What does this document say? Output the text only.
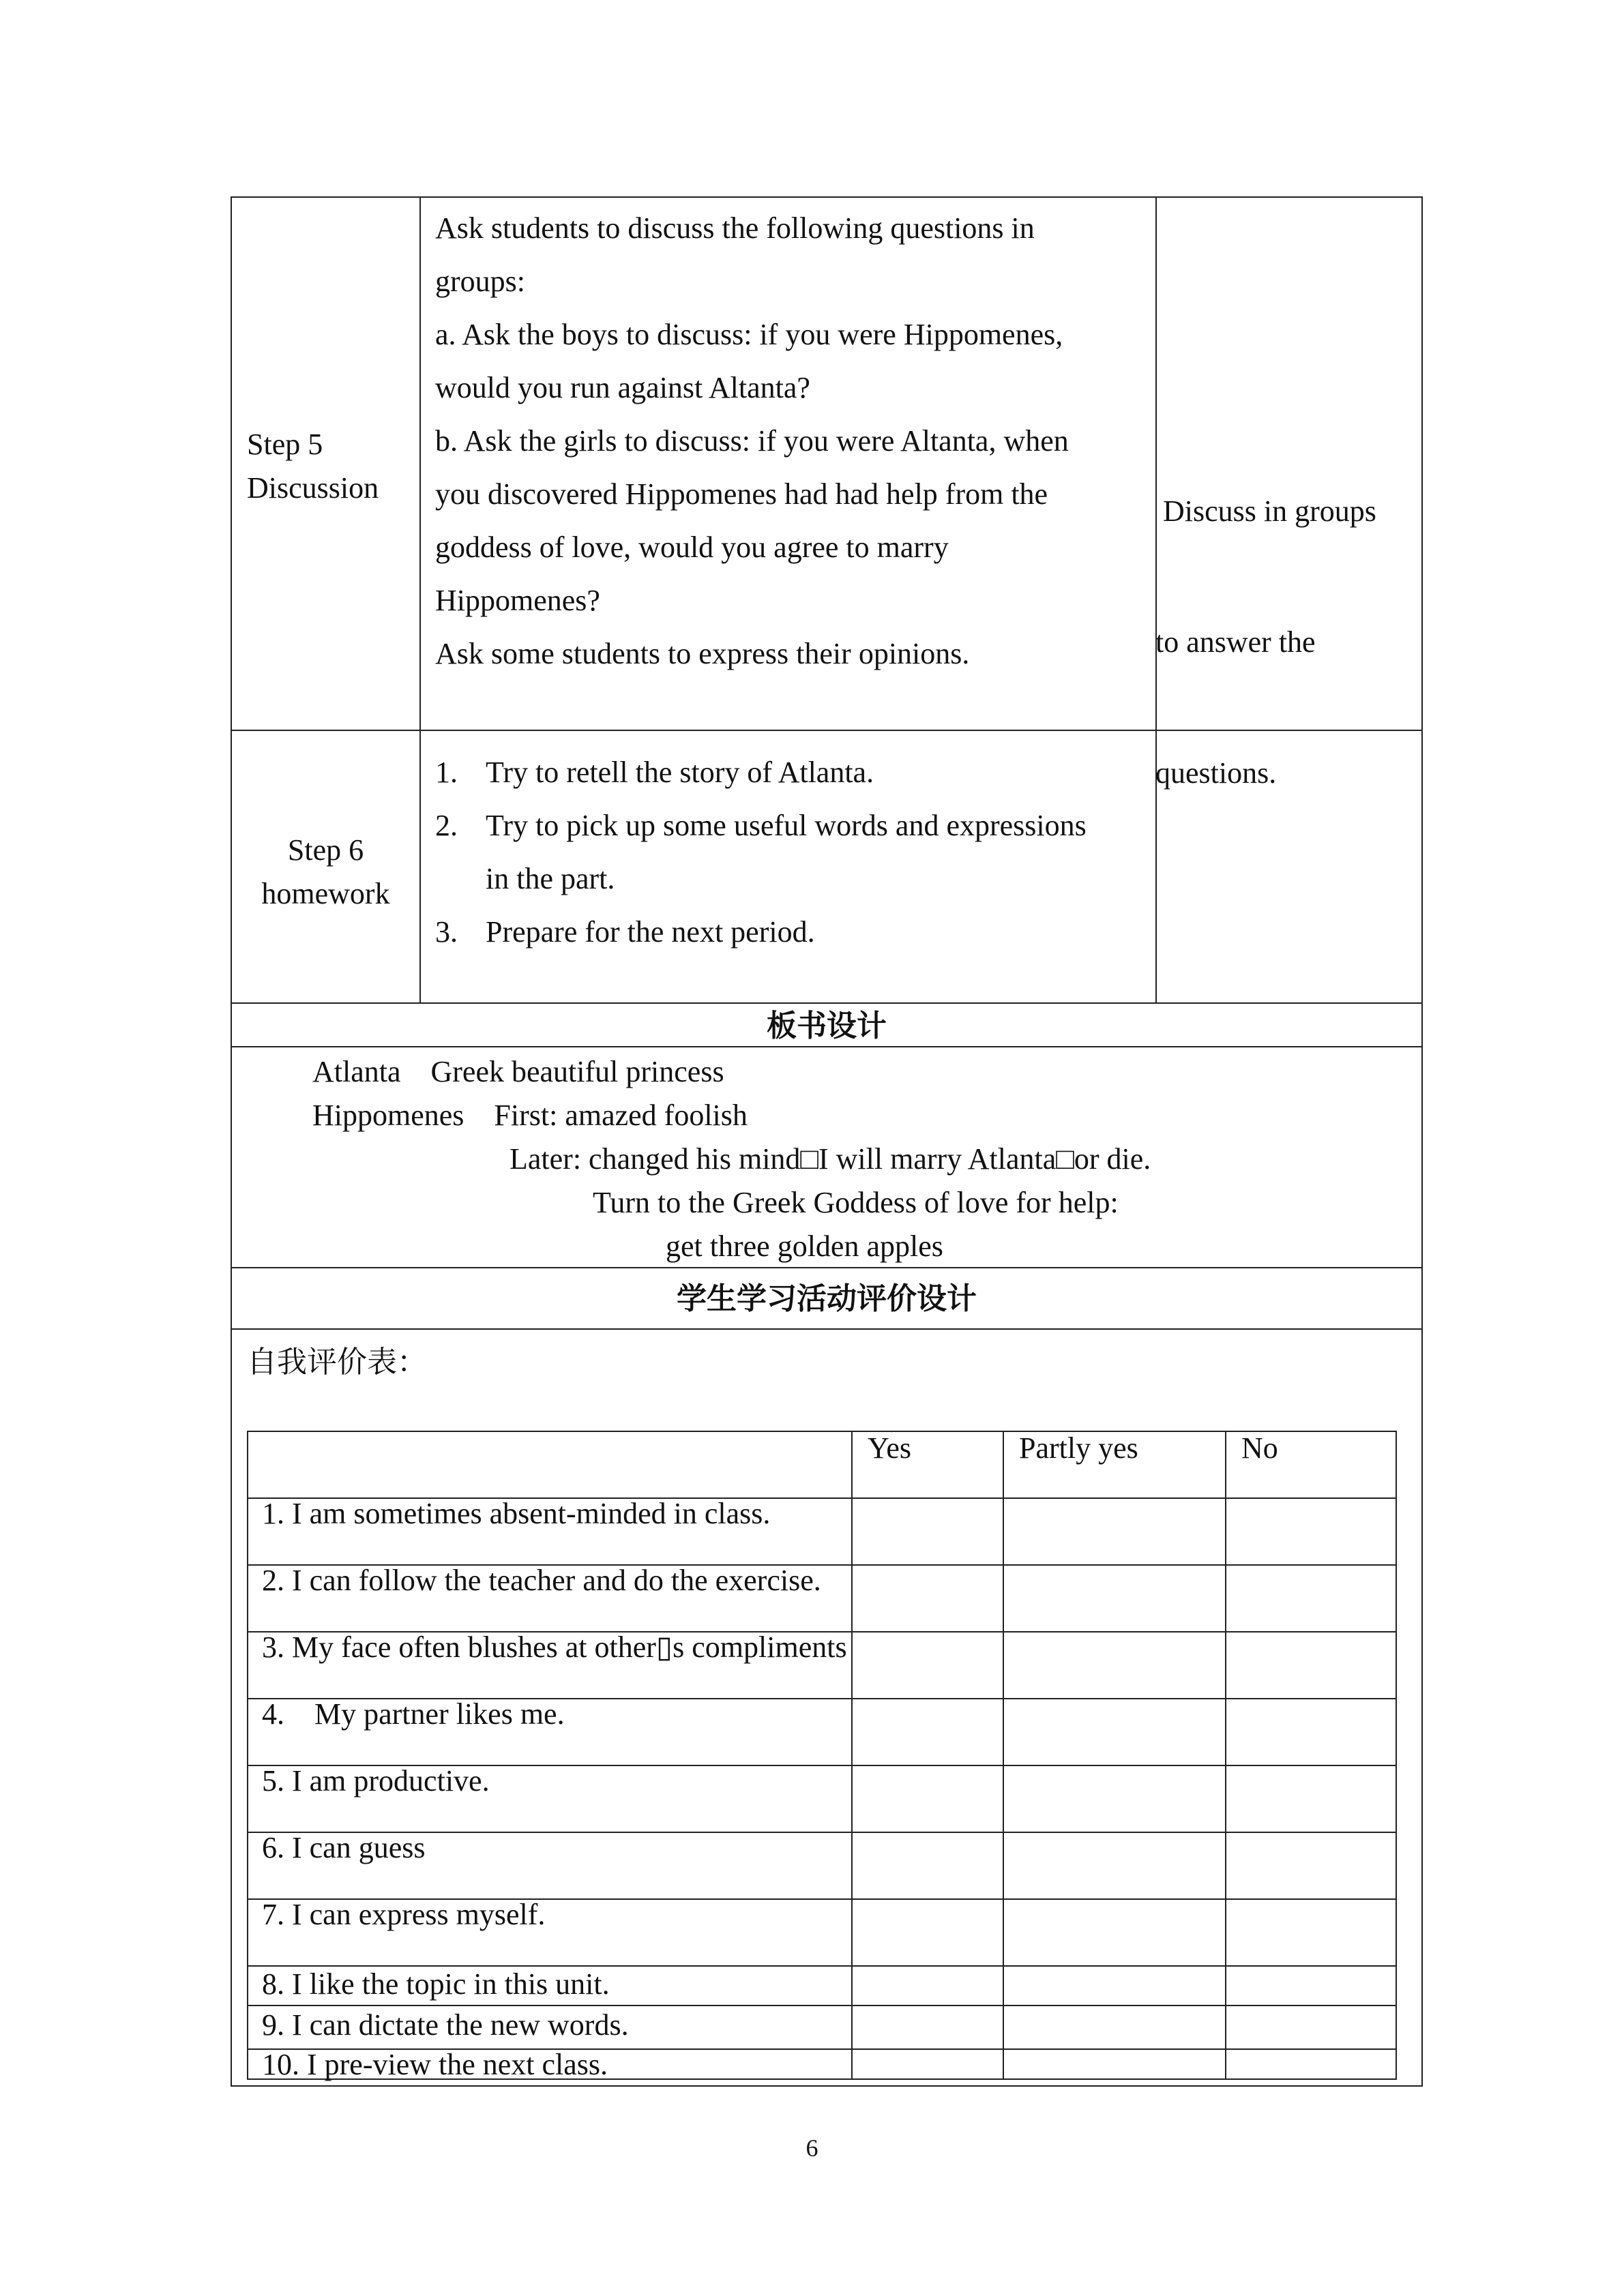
Step 5
Discussion
Ask students to discuss the following questions in
groups:
a. Ask the boys to discuss: if you were Hippomenes,
would you run against Altanta?
b. Ask the girls to discuss: if you were Altanta, when
you discovered Hippomenes had had help from the
goddess of love, would you agree to marry
Hippomenes?
Ask some students to express their opinions.

Discuss in groups

to answer the

questions.

Step 6
homework
1. Try to retell the story of Atlanta.
2. Try to pick up some useful words and expressions
in the part.
3. Prepare for the next period.
板书设计
Atlanta    Greek beautiful princess
Hippomenes    First: amazed foolish
Later: changed his mind□I will marry Atlanta□or die.
Turn to the Greek Goddess of love for help:
get three golden apples
学生学习活动评价设计
自我评价表：
Yes	Partly yes	No
1. I am sometimes absent-minded in class.
2. I can follow the teacher and do the exercise.
3. My face often blushes at other▯s compliments
4.    My partner likes me.
5. I am productive.
6. I can guess
7. I can express myself.
8. I like the topic in this unit.
9. I can dictate the new words.
10. I pre-view the next class.
6
